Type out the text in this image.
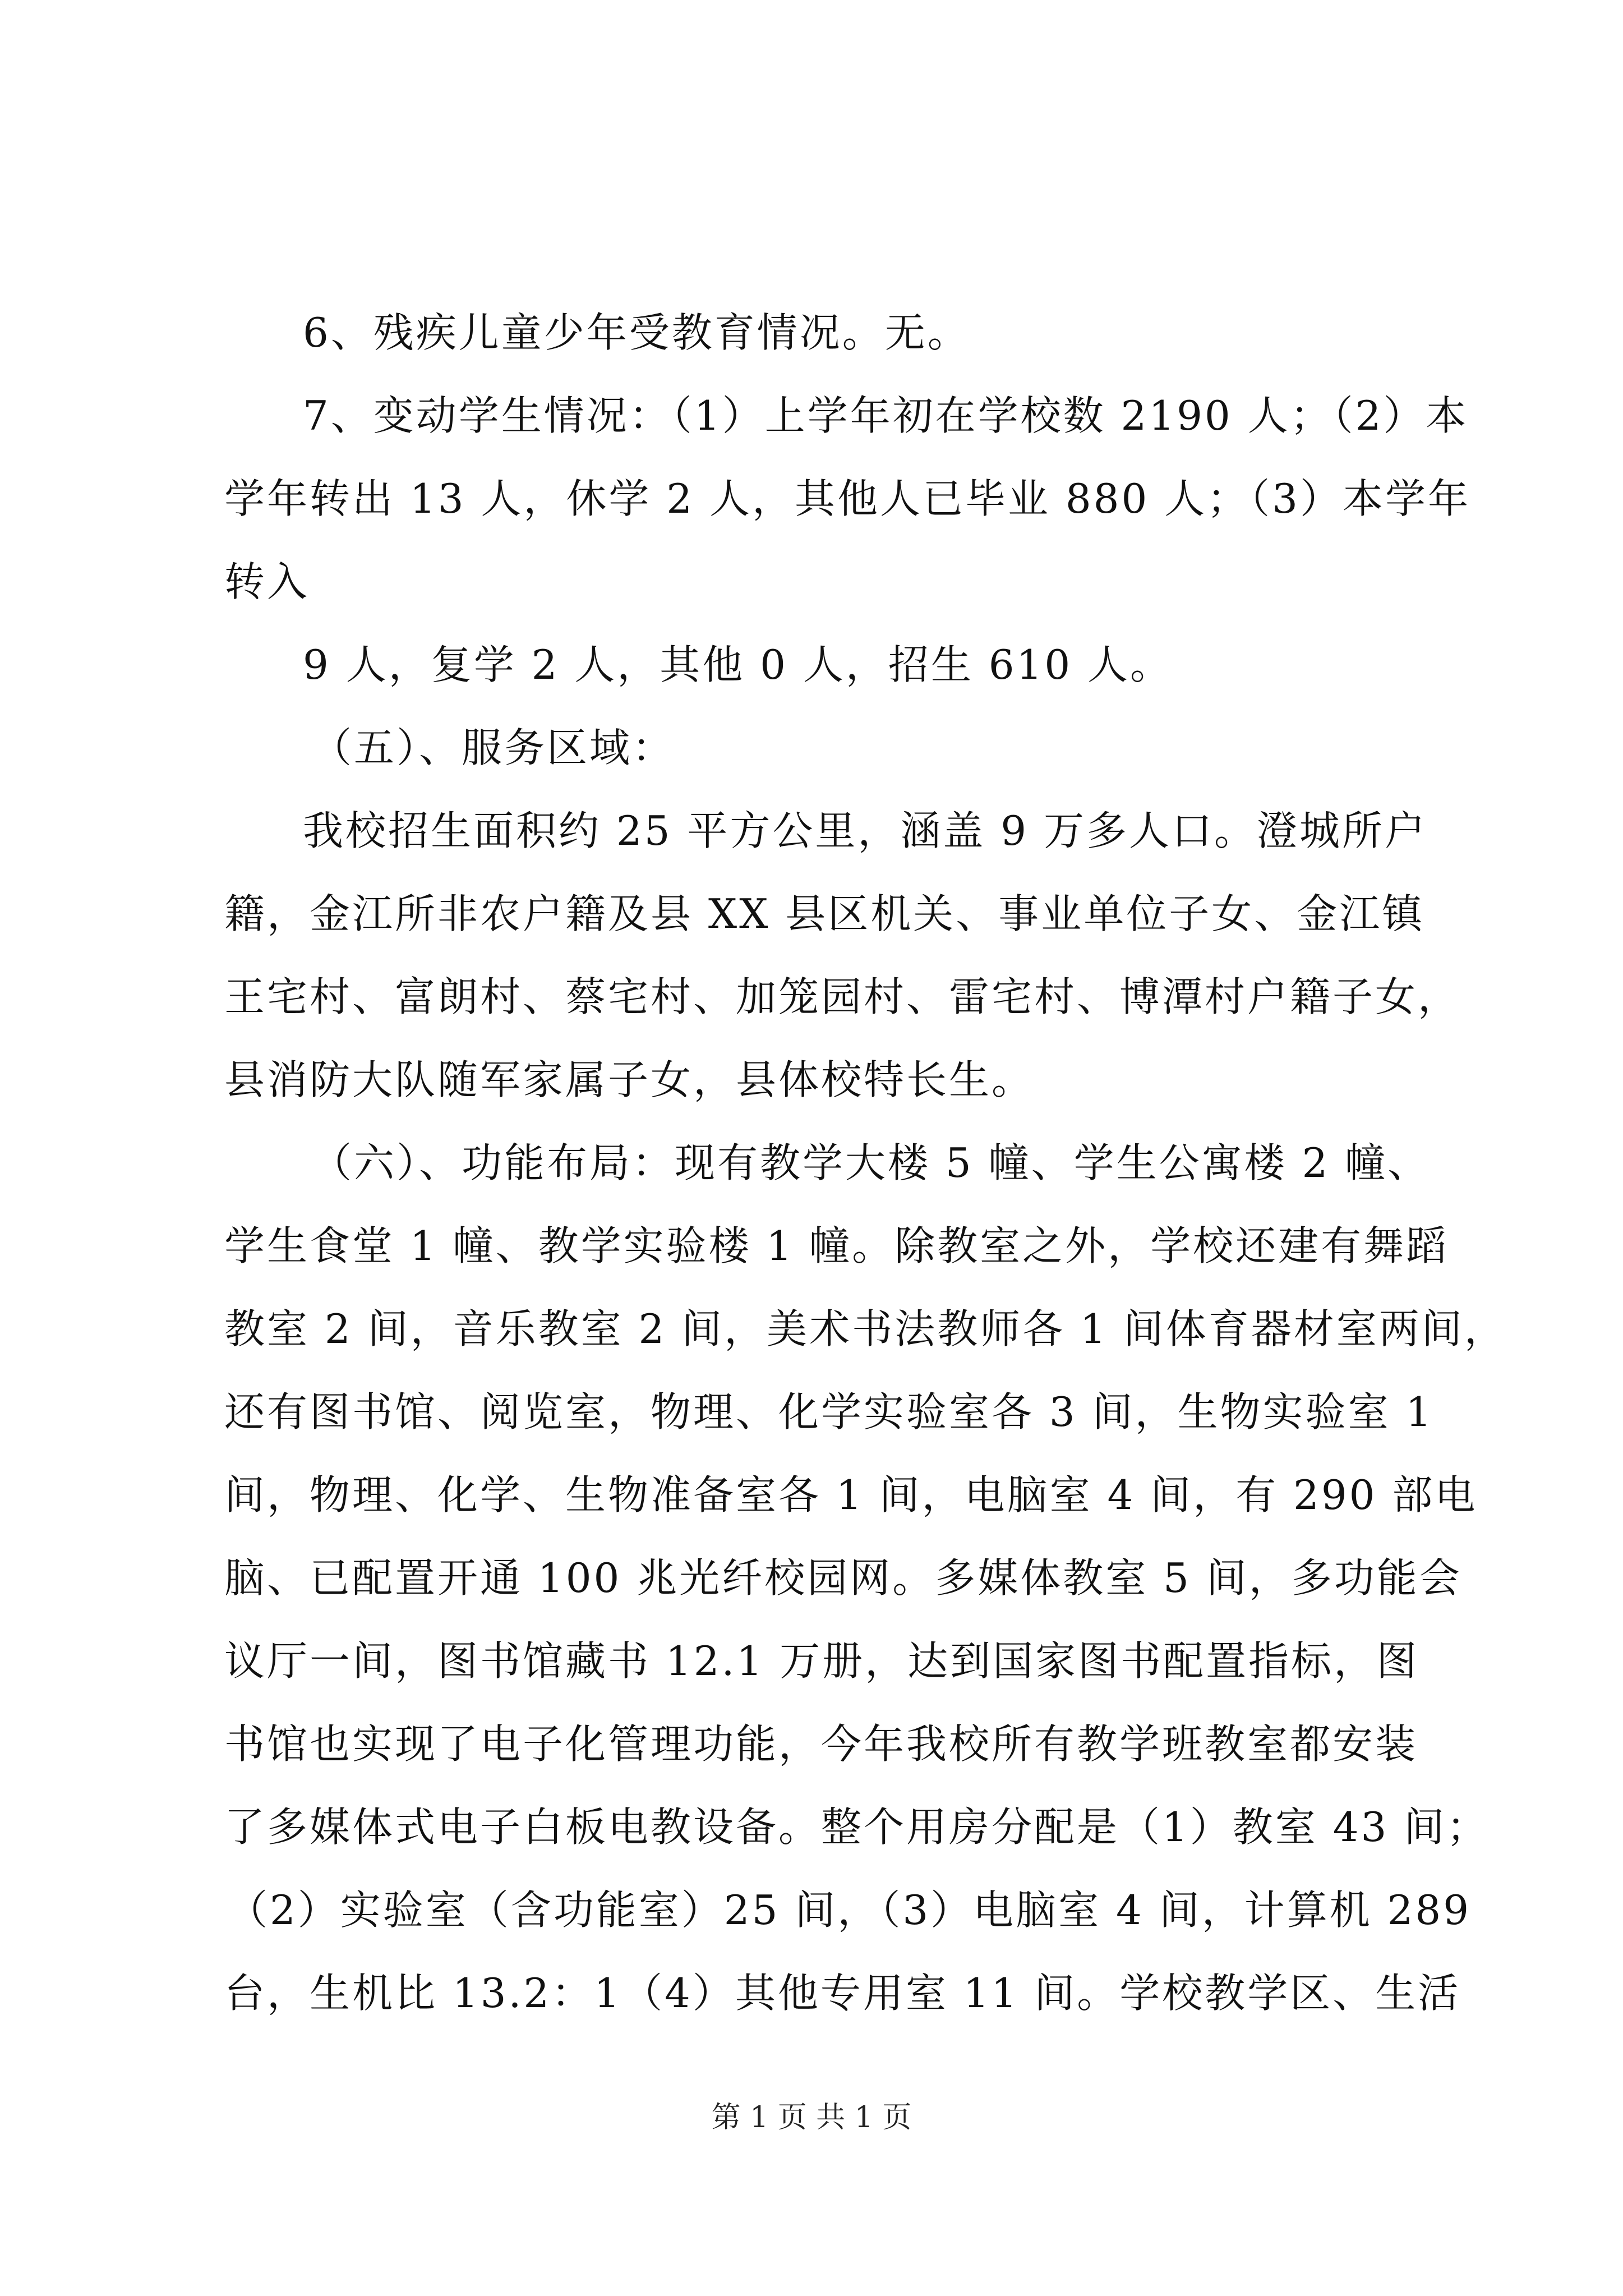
6、残疾儿童少年受教育情况。无。
7、变动学生情况：（1）上学年初在学校数 2190 人；（2）本
学年转出 13 人，休学 2 人，其他人已毕业 880 人；（3）本学年
转入
9 人，复学 2 人，其他 0 人，招生 610 人。
（五）、服务区域：
我校招生面积约 25 平方公里，涵盖 9 万多人口。澄城所户
籍，金江所非农户籍及县 XX 县区机关、事业单位子女、金江镇
王宅村、富朗村、蔡宅村、加笼园村、雷宅村、博潭村户籍子女，
县消防大队随军家属子女，县体校特长生。
（六）、功能布局：现有教学大楼 5 幢、学生公寓楼 2 幢、
学生食堂 1 幢、教学实验楼 1 幢。除教室之外，学校还建有舞蹈
教室 2 间，音乐教室 2 间，美术书法教师各 1 间体育器材室两间，
还有图书馆、阅览室，物理、化学实验室各 3 间，生物实验室 1
间，物理、化学、生物准备室各 1 间，电脑室 4 间，有 290 部电
脑、已配置开通 100 兆光纤校园网。多媒体教室 5 间，多功能会
议厅一间，图书馆藏书 12.1 万册，达到国家图书配置指标，图
书馆也实现了电子化管理功能，今年我校所有教学班教室都安装
了多媒体式电子白板电教设备。整个用房分配是（1）教室 43 间；
（2）实验室（含功能室）25 间，（3）电脑室 4 间，计算机 289
台，生机比 13.2：1（4）其他专用室 11 间。学校教学区、生活
第 1 页 共 1 页
